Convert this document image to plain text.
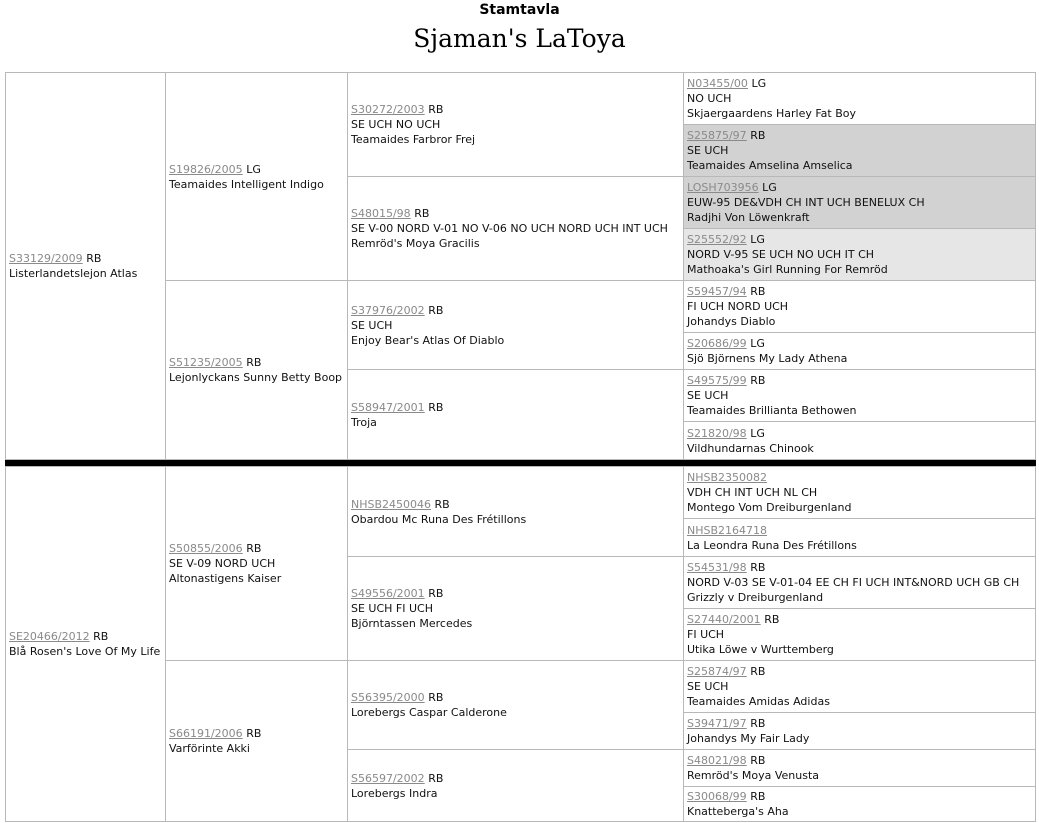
Stamtavla
Sjaman's LaToya
S33129/2009 RB
Listerlandetslejon Atlas
SE20466/2012 RB
Blå Rosen's Love Of My Life
S19826/2005 LG
Teamaides Intelligent Indigo
S51235/2005 RB
Lejonlyckans Sunny Betty Boop
S50855/2006 RB
SE V-09 NORD UCH
Altonastigens Kaiser
S66191/2006 RB
Varförinte Akki
S30272/2003 RB
SE UCH NO UCH
Teamaides Farbror Frej
S48015/98 RB
SE V-00 NORD V-01 NO V-06 NO UCH NORD UCH INT UCH
Remröd's Moya Gracilis
S37976/2002 RB
SE UCH
Enjoy Bear's Atlas Of Diablo
S58947/2001 RB
Troja
NHSB2450046 RB
Obardou Mc Runa Des Frétillons
S49556/2001 RB
SE UCH FI UCH
Björntassen Mercedes
S56395/2000 RB
Lorebergs Caspar Calderone
S56597/2002 RB
Lorebergs Indra
N03455/00 LG
NO UCH
Skjaergaardens Harley Fat Boy
S25875/97 RB
SE UCH
Teamaides Amselina Amselica
LOSH703956 LG
EUW-95 DE&VDH CH INT UCH BENELUX CH
Radjhi Von Löwenkraft
S25552/92 LG
NORD V-95 SE UCH NO UCH IT CH
Mathoaka's Girl Running For Remröd
S59457/94 RB
FI UCH NORD UCH
Johandys Diablo
S20686/99 LG
Sjö Björnens My Lady Athena
S49575/99 RB
SE UCH
Teamaides Brillianta Bethowen
S21820/98 LG
Vildhundarnas Chinook
NHSB2350082
VDH CH INT UCH NL CH
Montego Vom Dreiburgenland
NHSB2164718
La Leondra Runa Des Frétillons
S54531/98 RB
NORD V-03 SE V-01-04 EE CH FI UCH INT&NORD UCH GB CH
Grizzly v Dreiburgenland
S27440/2001 RB
FI UCH
Utika Löwe v Wurttemberg
S25874/97 RB
SE UCH
Teamaides Amidas Adidas
S39471/97 RB
Johandys My Fair Lady
S48021/98 RB
Remröd's Moya Venusta
S30068/99 RB
Knatteberga's Aha
